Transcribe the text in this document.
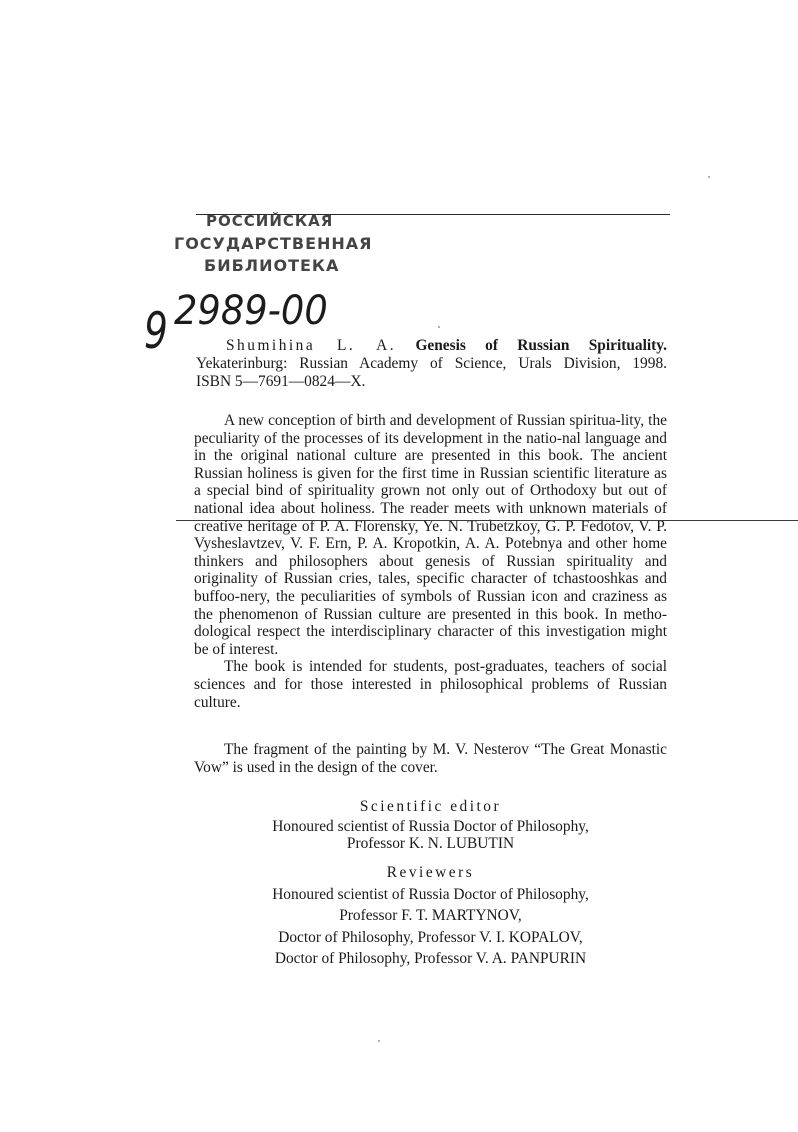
РОССИЙСКАЯ
ГОСУДАРСТВЕННАЯ
БИБЛИОТЕКА
9 2989-00

Shumihina L. A. Genesis of Russian Spirituality.

Yekaterinburg: Russian Academy of Science, Urals Division, 1998.

ISBN 5—7691—0824—X.

A new conception of birth and development of Russian spiritua-lity, the peculiarity of the processes of its development in the natio-nal language and in the original national culture are presented in this book. The ancient Russian holiness is given for the first time in Russian scientific literature as a special bind of spirituality grown not only out of Orthodoxy but out of national idea about holiness. The reader meets with unknown materials of creative heritage of P. A. Florensky, Ye. N. Trubetzkoy, G. P. Fedotov, V. P. Vysheslavtzev, V. F. Ern, P. A. Kropotkin, A. A. Potebnya and other home thinkers and philosophers about genesis of Russian spirituality and originality of Russian cries, tales, specific character of tchastooshkas and buffoo-nery, the peculiarities of symbols of Russian icon and craziness as the phenomenon of Russian culture are presented in this book. In metho-dological respect the interdisciplinary character of this investigation might be of interest.

The book is intended for students, post-graduates, teachers of social sciences and for those interested in philosophical problems of Russian culture.

The fragment of the painting by M. V. Nesterov “The Great Monastic Vow” is used in the design of the cover.

Scientific editor

Honoured scientist of Russia Doctor of Philosophy,

Professor K. N. LUBUTIN

Reviewers

Honoured scientist of Russia Doctor of Philosophy,

Professor F. T. MARTYNOV,

Doctor of Philosophy, Professor V. I. KOPALOV,

Doctor of Philosophy, Professor V. A. PANPURIN
